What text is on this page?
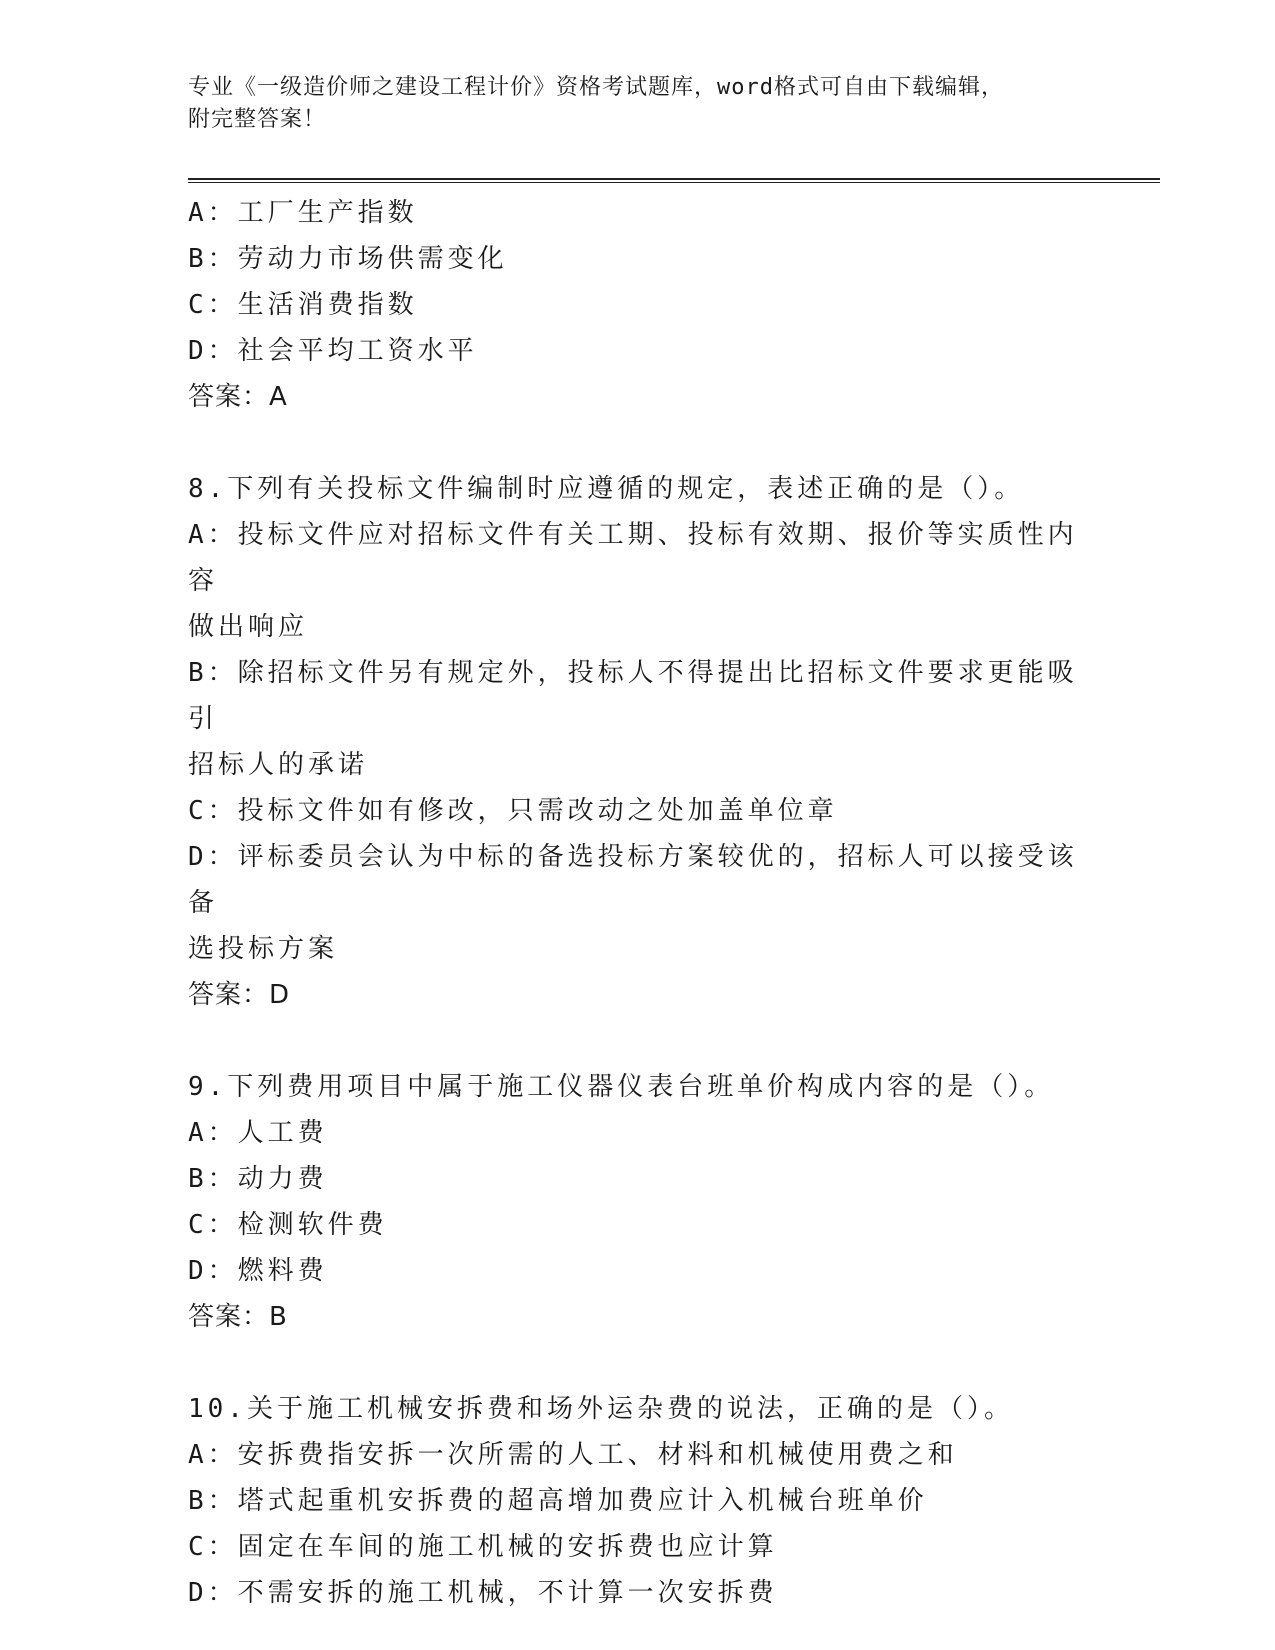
专业《一级造价师之建设工程计价》资格考试题库，word格式可自由下载编辑，
附完整答案！
A：工厂生产指数
B：劳动力市场供需变化
C：生活消费指数
D：社会平均工资水平
答案：A
8.下列有关投标文件编制时应遵循的规定，表述正确的是（）。
A：投标文件应对招标文件有关工期、投标有效期、报价等实质性内容
做出响应
B：除招标文件另有规定外，投标人不得提出比招标文件要求更能吸引
招标人的承诺
C：投标文件如有修改，只需改动之处加盖单位章
D：评标委员会认为中标的备选投标方案较优的，招标人可以接受该备
选投标方案
答案：D
9.下列费用项目中属于施工仪器仪表台班单价构成内容的是（）。
A：人工费
B：动力费
C：检测软件费
D：燃料费
答案：B
10.关于施工机械安拆费和场外运杂费的说法，正确的是（）。
A：安拆费指安拆一次所需的人工、材料和机械使用费之和
B：塔式起重机安拆费的超高增加费应计入机械台班单价
C：固定在车间的施工机械的安拆费也应计算
D：不需安拆的施工机械，不计算一次安拆费
